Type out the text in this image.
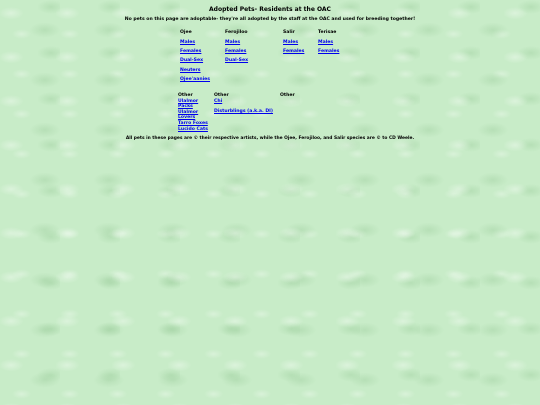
Adopted Pets- Residents at the OAC
No pets on this page are adoptable- they're all adopted by the staff at the OAC and used for breeding together!
Ojee
Males
Females
Dual-Sex
Neuters
Ojee'aanies
Ferojiloo
Males
Females
Dual-Sex
Salir
Males
Females
Terisae
Males
Females
Other
Ulalmor Packs
Ulalmor Lovers
Tarro Foxes
Lucido Cats
Other
Chi
Disturblings (a.k.a. DI)
Other
All pets in these pages are © their respective artists, while the Ojee, Ferojiloo, and Salir species are © to CD Weele.
